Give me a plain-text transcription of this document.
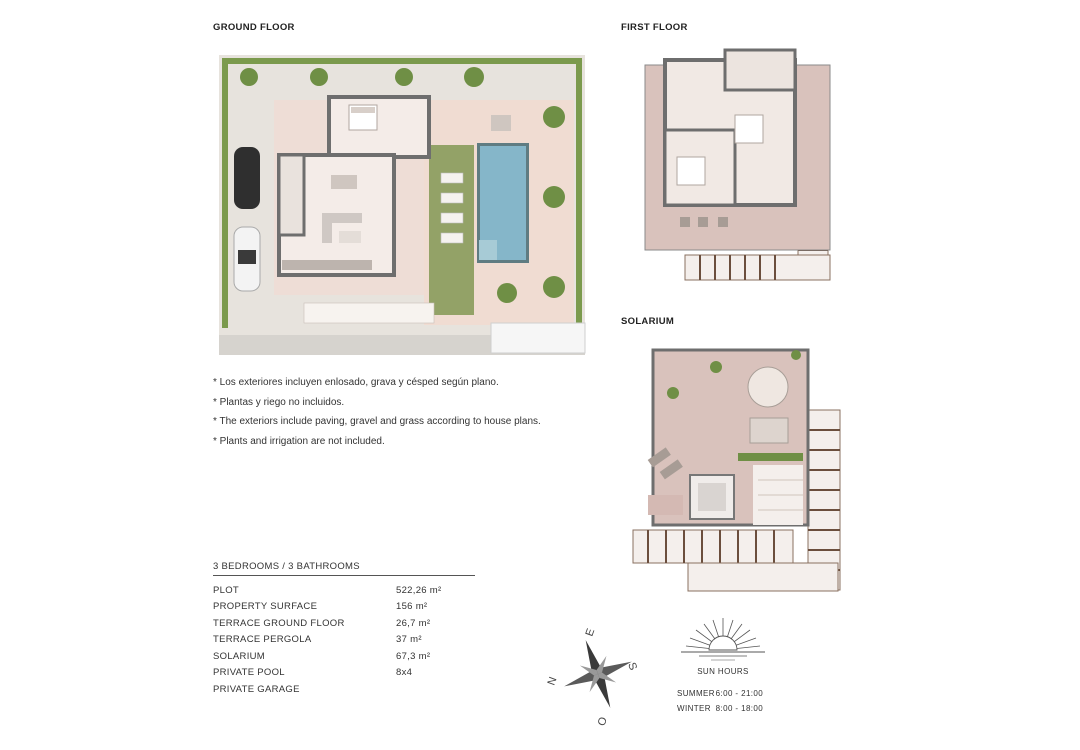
GROUND FLOOR	FIRST FLOOR
SOLARIUM
* Los exteriores incluyen enlosado, grava y césped según plano.
* Plantas y riego no incluidos.
* The exteriors include paving, gravel and grass according to house plans.
* Plants and irrigation are not included.
3 BEDROOMS / 3 BATHROOMS
PLOT	522,26 m²
PROPERTY SURFACE	156 m²
TERRACE GROUND FLOOR	26,7 m²
TERRACE PERGOLA	37 m²
SOLARIUM	67,3 m²
PRIVATE POOL	8x4
PRIVATE GARAGE
E
S
O
N
SUN HOURS
SUMMER 6:00 - 21:00
WINTER 8:00 - 18:00
